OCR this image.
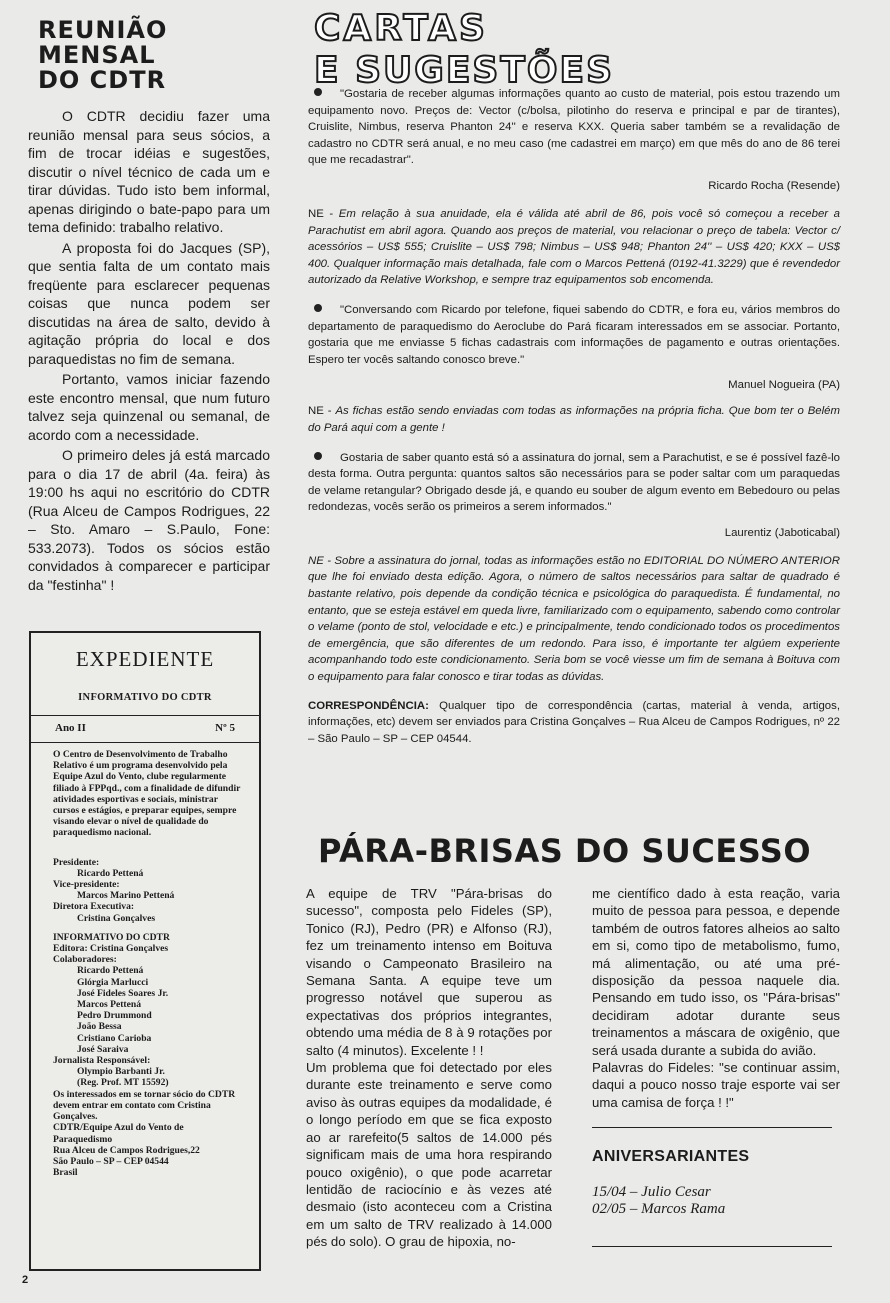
REUNIÃO
MENSAL
DO CDTR

O CDTR decidiu fazer uma reunião mensal para seus sócios, a fim de trocar idéias e sugestões, discutir o nível técnico de cada um e tirar dúvidas. Tudo isto bem informal, apenas dirigindo o bate-papo para um tema definido: trabalho relativo.

A proposta foi do Jacques (SP), que sentia falta de um contato mais freqüente para esclarecer pequenas coisas que nunca podem ser discutidas na área de salto, devido à agitação própria do local e dos paraquedistas no fim de semana.

Portanto, vamos iniciar fazendo este encontro mensal, que num futuro talvez seja quinzenal ou semanal, de acordo com a necessidade.

O primeiro deles já está marcado para o dia 17 de abril (4a. feira) às 19:00 hs aqui no escritório do CDTR (Rua Alceu de Campos Rodrigues, 22 – Sto. Amaro – S.Paulo, Fone: 533.2073). Todos os sócios estão convidados à comparecer e participar da "festinha" !

EXPEDIENTE
INFORMATIVO DO CDTR
Ano II	Nº 5
O Centro de Desenvolvimento de Trabalho Relativo é um programa desenvolvido pela Equipe Azul do Vento, clube regularmente filiado à FPPqd., com a finalidade de difundir atividades esportivas e sociais, ministrar cursos e estágios, e preparar equipes, sempre visando elevar o nível de qualidade do paraquedismo nacional.
Presidente:
Ricardo Pettená
Vice-presidente:
Marcos Marino Pettená
Diretora Executiva:
Cristina Gonçalves
INFORMATIVO DO CDTR
Editora: Cristina Gonçalves
Colaboradores:
Ricardo Pettená
Glórgia Marlucci
José Fideles Soares Jr.
Marcos Pettená
Pedro Drummond
João Bessa
Cristiano Carioba
José Saraiva
Jornalista Responsável:
Olympio Barbanti Jr.
(Reg. Prof. MT 15592)
Os interessados em se tornar sócio do CDTR devem entrar em contato com Cristina Gonçalves.
CDTR/Equipe Azul do Vento de Paraquedismo
Rua Alceu de Campos Rodrigues,22
São Paulo – SP – CEP 04544
Brasil
2
CARTAS
E SUGESTÕES
"Gostaria de receber algumas informações quanto ao custo de material, pois estou trazendo um equipamento novo. Preços de: Vector (c/bolsa, pilotinho do reserva e principal e par de tirantes), Cruislite, Nimbus, reserva Phanton 24'' e reserva KXX. Queria saber também se a revalidação de cadastro no CDTR será anual, e no meu caso (me cadastrei em março) em que mês do ano de 86 terei que me recadastrar".
Ricardo Rocha (Resende)
NE - Em relação à sua anuidade, ela é válida até abril de 86, pois você só começou a receber a Parachutist em abril agora. Quando aos preços de material, vou relacionar o preço de tabela: Vector c/ acessórios – US$ 555; Cruislite – US$ 798; Nimbus – US$ 948; Phanton 24'' – US$ 420; KXX – US$ 400. Qualquer informação mais detalhada, fale com o Marcos Pettená (0192-41.3229) que é revendedor autorizado da Relative Workshop, e sempre traz equipamentos sob encomenda.
"Conversando com Ricardo por telefone, fiquei sabendo do CDTR, e fora eu, vários membros do departamento de paraquedismo do Aeroclube do Pará ficaram interessados em se associar. Portanto, gostaria que me enviasse 5 fichas cadastrais com informações de pagamento e outras orientações. Espero ter vocês saltando conosco breve."
Manuel Nogueira (PA)
NE - As fichas estão sendo enviadas com todas as informações na própria ficha. Que bom ter o Belém do Pará aqui com a gente !
Gostaria de saber quanto está só a assinatura do jornal, sem a Parachutist, e se é possível fazê-lo desta forma. Outra pergunta: quantos saltos são necessários para se poder saltar com um paraquedas de velame retangular? Obrigado desde já, e quando eu souber de algum evento em Bebedouro ou pelas redondezas, vocês serão os primeiros a serem informados."
Laurentiz (Jaboticabal)
NE - Sobre a assinatura do jornal, todas as informações estão no EDITORIAL DO NÚMERO ANTERIOR que lhe foi enviado desta edição. Agora, o número de saltos necessários para saltar de quadrado é bastante relativo, pois depende da condição técnica e psicológica do paraquedista. É fundamental, no entanto, que se esteja estável em queda livre, familiarizado com o equipamento, sabendo como controlar o velame (ponto de stol, velocidade e etc.) e principalmente, tendo condicionado todos os procedimentos de emergência, que são diferentes de um redondo. Para isso, é importante ter algúem experiente acompanhando todo este condicionamento. Seria bom se você viesse um fim de semana à Boituva com o equipamento para falar conosco e tirar todas as dúvidas.
CORRESPONDÊNCIA: Qualquer tipo de correspondência (cartas, material à venda, artigos, informações, etc) devem ser enviados para Cristina Gonçalves – Rua Alceu de Campos Rodrigues, nº 22 – São Paulo – SP – CEP 04544.
PÁRA-BRISAS DO SUCESSO

A equipe de TRV "Pára-brisas do sucesso", composta pelo Fideles (SP), Tonico (RJ), Pedro (PR) e Alfonso (RJ), fez um treinamento intenso em Boituva visando o Campeonato Brasileiro na Semana Santa. A equipe teve um progresso notável que superou as expectativas dos próprios integrantes, obtendo uma média de 8 à 9 rotações por salto (4 minutos). Excelente ! !

Um problema que foi detectado por eles durante este treinamento e serve como aviso às outras equipes da modalidade, é o longo período em que se fica exposto ao ar rarefeito(5 saltos de 14.000 pés significam mais de uma hora respirando pouco oxigênio), o que pode acarretar lentidão de raciocínio e às vezes até desmaio (isto aconteceu com a Cristina em um salto de TRV realizado à 14.000 pés do solo). O grau de hipoxia, no-

me científico dado à esta reação, varia muito de pessoa para pessoa, e depende também de outros fatores alheios ao salto em si, como tipo de metabolismo, fumo, má alimentação, ou até uma pré-disposição da pessoa naquele dia. Pensando em tudo isso, os "Pára-brisas" decidiram adotar durante seus treinamentos a máscara de oxigênio, que será usada durante a subida do avião.

Palavras do Fideles: "se continuar assim, daqui a pouco nosso traje esporte vai ser uma camisa de força ! !"

ANIVERSARIANTES
15/04 – Julio Cesar
02/05 – Marcos Rama
